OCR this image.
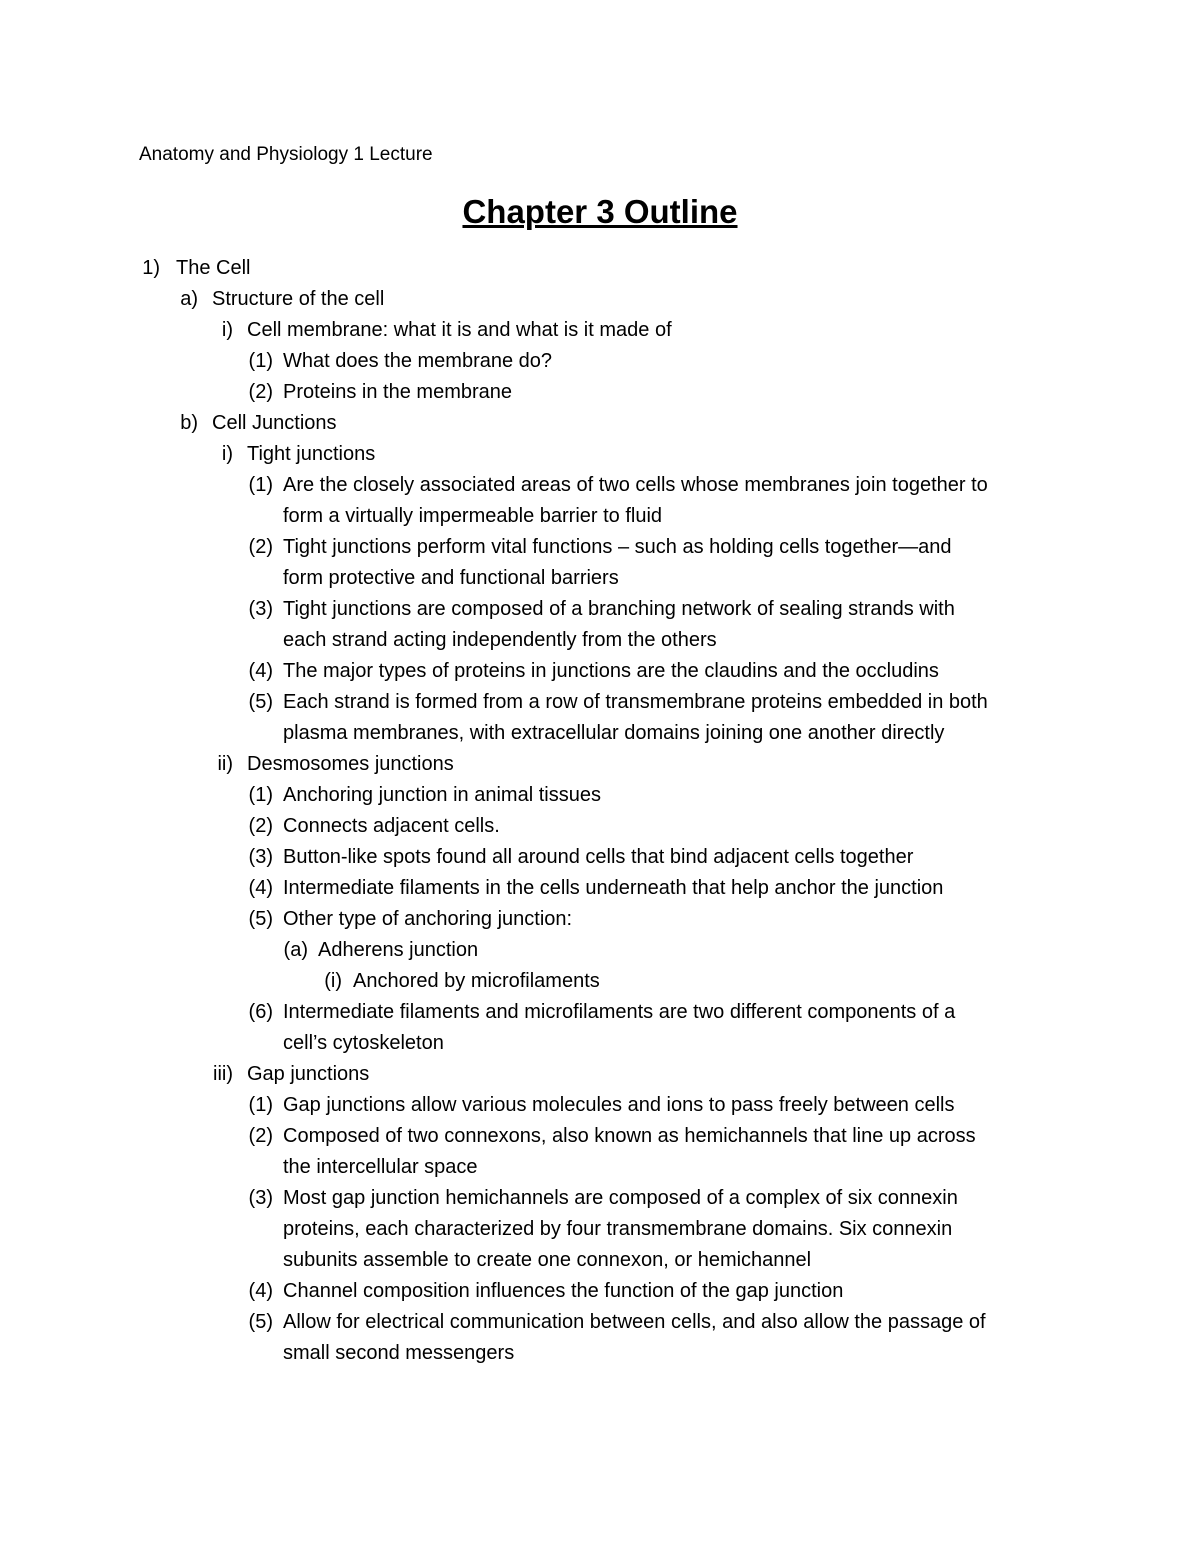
Anatomy and Physiology 1 Lecture
Chapter 3 Outline
1) The Cell
a) Structure of the cell
i) Cell membrane: what it is and what is it made of
(1) What does the membrane do?
(2) Proteins in the membrane
b) Cell Junctions
i) Tight junctions
(1) Are the closely associated areas of two cells whose membranes join together to
form a virtually impermeable barrier to fluid
(2) Tight junctions perform vital functions – such as holding cells together—and
form protective and functional barriers
(3) Tight junctions are composed of a branching network of sealing strands with
each strand acting independently from the others
(4) The major types of proteins in junctions are the claudins and the occludins
(5) Each strand is formed from a row of transmembrane proteins embedded in both
plasma membranes, with extracellular domains joining one another directly
ii) Desmosomes junctions
(1) Anchoring junction in animal tissues
(2) Connects adjacent cells.
(3) Button-like spots found all around cells that bind adjacent cells together
(4) Intermediate filaments in the cells underneath that help anchor the junction
(5) Other type of anchoring junction:
(a) Adherens junction
(i) Anchored by microfilaments
(6) Intermediate filaments and microfilaments are two different components of a
cell’s cytoskeleton
iii) Gap junctions
(1) Gap junctions allow various molecules and ions to pass freely between cells
(2) Composed of two connexons, also known as hemichannels that line up across
the intercellular space
(3) Most gap junction hemichannels are composed of a complex of six connexin
proteins, each characterized by four transmembrane domains. Six connexin
subunits assemble to create one connexon, or hemichannel
(4) Channel composition influences the function of the gap junction
(5) Allow for electrical communication between cells, and also allow the passage of
small second messengers
